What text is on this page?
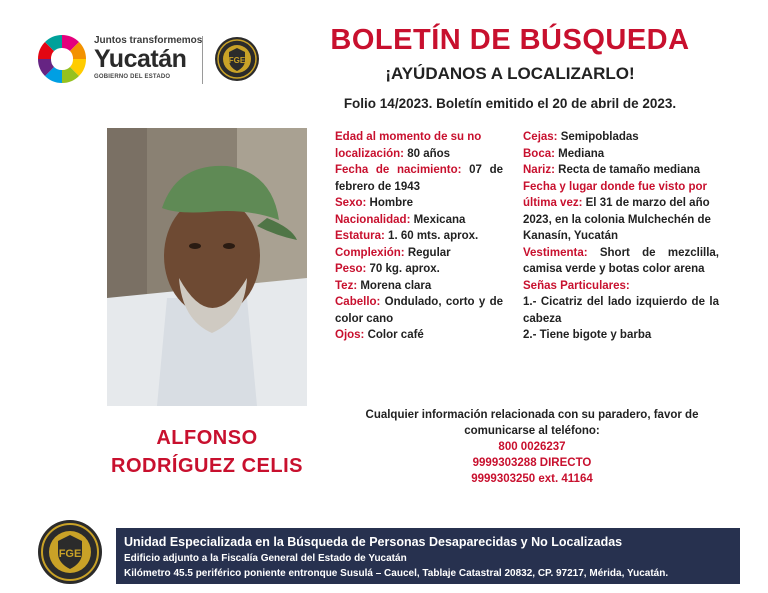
Juntos transformemos
Yucatán
GOBIERNO DEL ESTADO
FGE
BOLETÍN DE BÚSQUEDA
¡AYÚDANOS A LOCALIZARLO!
Folio 14/2023. Boletín emitido el 20 de abril de 2023.
ALFONSO
RODRÍGUEZ CELIS
Edad al momento de su no localización: 80 años
Fecha de nacimiento: 07 de febrero de 1943
Sexo: Hombre
Nacionalidad: Mexicana
Estatura: 1. 60 mts. aprox.
Complexión: Regular
Peso: 70 kg. aprox.
Tez: Morena clara
Cabello: Ondulado, corto y de color cano
Ojos: Color café
Cejas: Semipobladas
Boca: Mediana
Nariz: Recta de tamaño mediana
Fecha y lugar donde fue visto por última vez: El 31 de marzo del año 2023, en la colonia Mulchechén de Kanasín, Yucatán
Vestimenta: Short de mezclilla, camisa verde y botas color arena
Señas Particulares:
1.- Cicatriz del lado izquierdo de la cabeza
2.- Tiene bigote y barba
Cualquier información relacionada con su paradero, favor de comunicarse al teléfono:
800 0026237
9999303288 DIRECTO
9999303250 ext. 41164
FGE
Unidad Especializada en la Búsqueda de Personas Desaparecidas y No Localizadas
Edificio adjunto a la Fiscalía General del Estado de Yucatán
Kilómetro 45.5 periférico poniente entronque Susulá – Caucel, Tablaje Catastral 20832, CP. 97217, Mérida, Yucatán.
